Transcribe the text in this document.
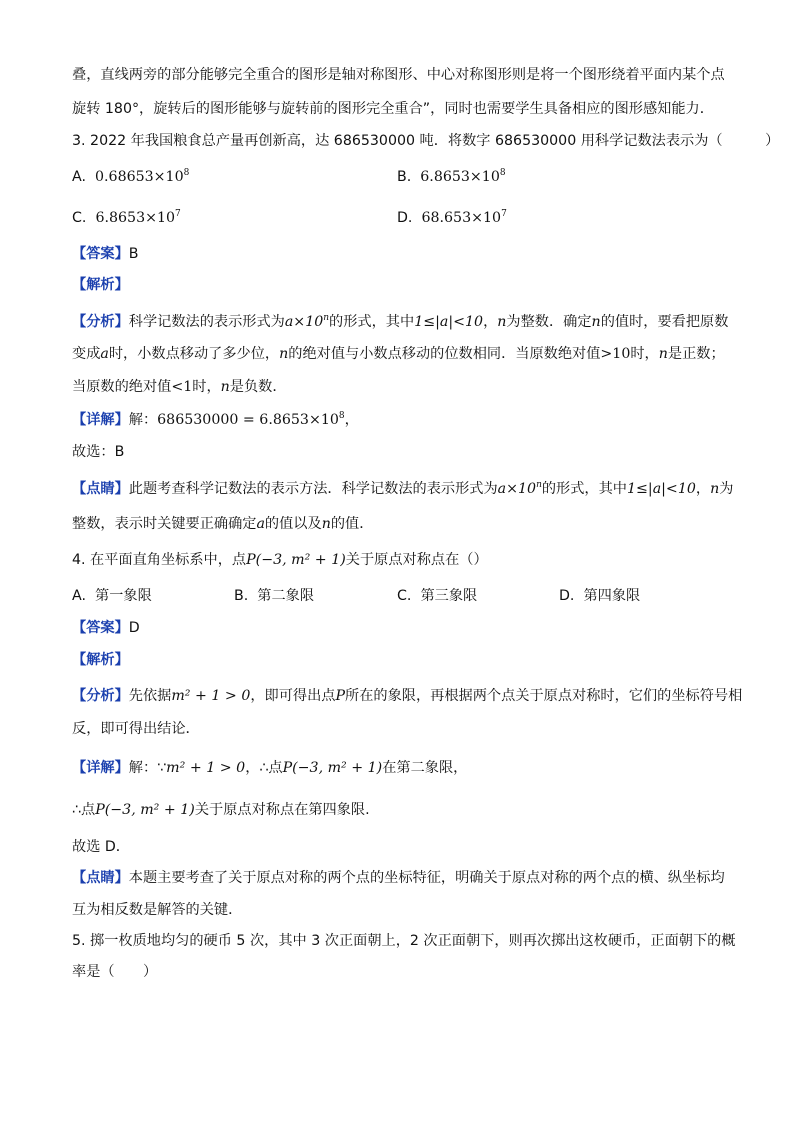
叠，直线两旁的部分能够完全重合的图形是轴对称图形、中心对称图形则是将一个图形绕着平面内某个点
旋转 180°，旋转后的图形能够与旋转前的图形完全重合”，同时也需要学生具备相应的图形感知能力．
3. 2022 年我国粮食总产量再创新高，达 686530000 吨．将数字 686530000 用科学记数法表示为（　　　）
A. $0.68653\times 10^8$	B. $6.8653\times 10^8$
C. $6.8653\times 10^7$	D. $68.653\times 10^7$
【答案】B
【解析】
【分析】科学记数法的表示形式为$a\times 10^n$的形式，其中1≤|a|<10，n为整数．确定n的值时，要看把原数
变成a时，小数点移动了多少位，n的绝对值与小数点移动的位数相同．当原数绝对值>10时，n是正数；
当原数的绝对值<1时，n是负数．
【详解】解：$686530000 = 6.8653\times 10^8$，
故选：B
【点睛】此题考查科学记数法的表示方法．科学记数法的表示形式为$a\times 10^n$的形式，其中1≤|a|<10，n为
整数，表示时关键要正确确定a的值以及n的值．
4. 在平面直角坐标系中，点P(−3, m² + 1)关于原点对称点在（）
A. 第一象限	B. 第二象限	C. 第三象限	D. 第四象限
【答案】D
【解析】
【分析】先依据m² + 1 > 0，即可得出点P所在的象限，再根据两个点关于原点对称时，它们的坐标符号相
反，即可得出结论．
【详解】解：∵m² + 1 > 0，∴点P(−3, m² + 1)在第二象限，
∴点P(−3, m² + 1)关于原点对称点在第四象限.
故选 D．
【点睛】本题主要考查了关于原点对称的两个点的坐标特征，明确关于原点对称的两个点的横、纵坐标均
互为相反数是解答的关键．
5. 掷一枚质地均匀的硬币 5 次，其中 3 次正面朝上，2 次正面朝下，则再次掷出这枚硬币，正面朝下的概
率是（　　）
